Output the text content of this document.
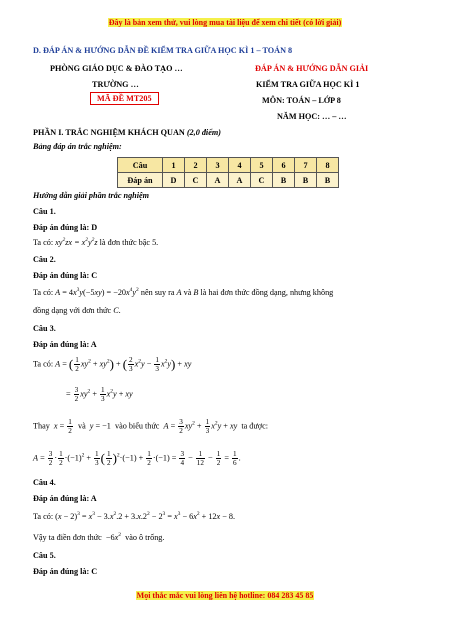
Đây là bản xem thử, vui lòng mua tài liệu để xem chi tiết (có lời giải)
D. ĐÁP ÁN & HƯỚNG DẪN ĐỀ KIỂM TRA GIỮA HỌC KÌ 1 – TOÁN 8
PHÒNG GIÁO DỤC & ĐÀO TẠO …
TRƯỜNG …
MÃ ĐỀ MT205
ĐÁP ÁN & HƯỚNG DẪN GIẢI
KIỂM TRA GIỮA HỌC KÌ 1
MÔN: TOÁN – LỚP 8
NĂM HỌC: … – …
PHẦN I. TRẮC NGHIỆM KHÁCH QUAN (2,0 điểm)
Bảng đáp án trắc nghiệm:
Câu	1	2	3	4	5	6	7	8
Đáp án	D	C	A	A	C	B	B	B
Hướng dẫn giải phần trắc nghiệm
Câu 1.
Đáp án đúng là: D
Ta có: $xy^2zx = x^2y^2z$ là đơn thức bậc 5.
Câu 2.
Đáp án đúng là: C
Ta có: $A = 4x^3y(-5xy) = -20x^4y^2$ nên suy ra A và B là hai đơn thức đồng dạng, nhưng không
đồng dạng với đơn thức C.
Câu 3.
Đáp án đúng là: A
Ta có: A = ( $\frac{1}{2} xy^2 + xy^2$) + ( $\frac{2}{3} x^2y - \frac{1}{3} x^2y$) + xy
= $\frac{3}{2} xy^2 + \frac{1}{3} x^2y$ + xy
Thay $x = \frac{1}{2}$ và y = −1  vào biểu thức $A = \frac{3}{2} xy^2 + \frac{1}{3} x^2y$ + xy ta được:
$A = \frac{3}{2} \cdot \frac{1}{2} \cdot(-1)^2 + \frac{1}{3}$ ( $\frac{1}{2} )^2\cdot(-1) + \frac{1}{2} \cdot(-1) = \frac{3}{4} - \frac{1}{12} - \frac{1}{2} = \frac{1}{6}$ .
Câu 4.
Đáp án đúng là: A
Ta có: $(x - 2)^3 = x^3 - 3.x^2.2 + 3.x.2^2 - 2^3 = x^3 - 6x^2 + 12x - 8$.
Vậy ta điền đơn thức  $-6x^2$ vào ô trống.
Câu 5.
Đáp án đúng là: C
Mọi thắc mắc vui lòng liên hệ hotline: 084 283 45 85
